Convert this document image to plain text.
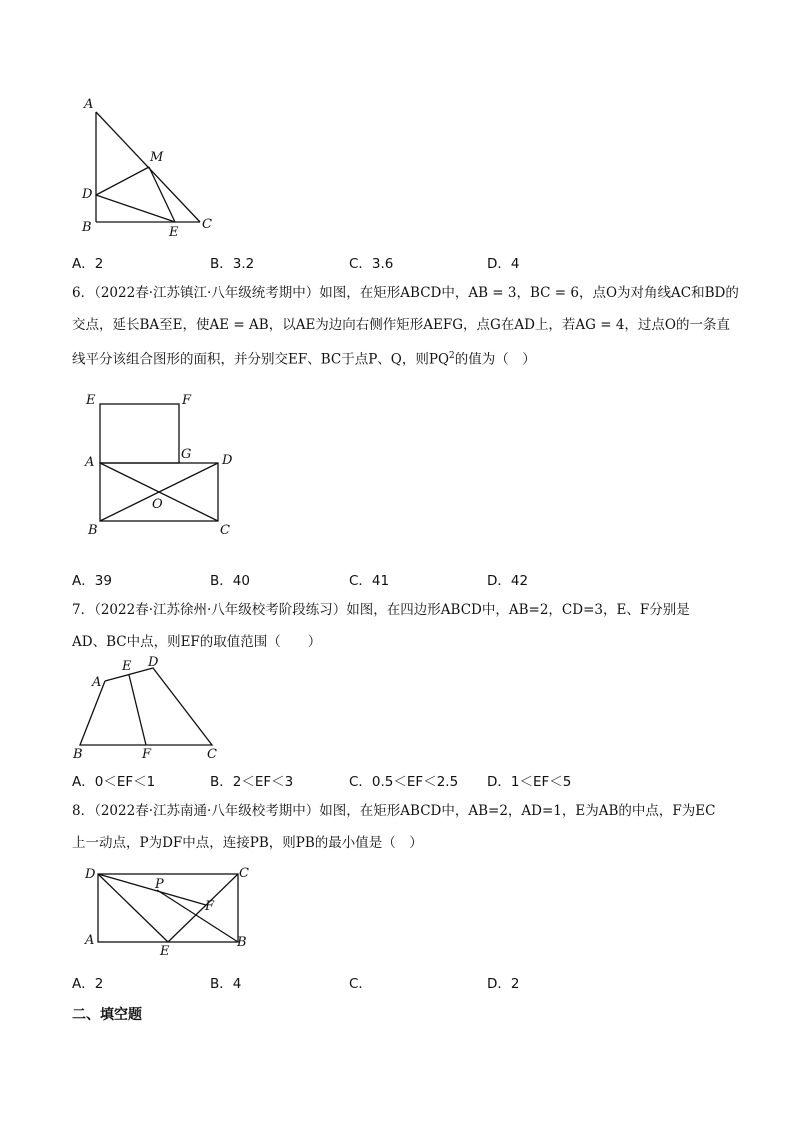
A
M
D
B	E
C
A．2	B．3.2	C．3.6	D．4
6．（2022春·江苏镇江·八年级统考期中）如图，在矩形ABCD中，AB = 3，BC = 6，点O为对角线AC和BD的
交点，延长BA至E，使AE = AB，以AE为边向右侧作矩形AEFG，点G在AD上，若AG = 4，过点O的一条直
线平分该组合图形的面积，并分别交EF、BC于点P、Q，则$PQ^2$的值为（　）
E	F
A
G D
O
B	C
A．39	B．40	C．41	D．42
7．（2022春·江苏徐州·八年级校考阶段练习）如图，在四边形ABCD中，AB=2，CD=3，E、F分别是
AD、BC中点，则EF的取值范围（　　）
A
E D
B	F	C
A．0＜EF＜1	B．2＜EF＜3	C．0.5＜EF＜2.5 D．1＜EF＜5
8．（2022春·江苏南通·八年级校考期中）如图，在矩形ABCD中，AB=2，AD=1，E为AB的中点，F为EC
上一动点，P为DF中点，连接PB，则PB的最小值是（　）
D
P
C
F
A
E
B
A．2	B．4	C．	D．2
二、填空题
